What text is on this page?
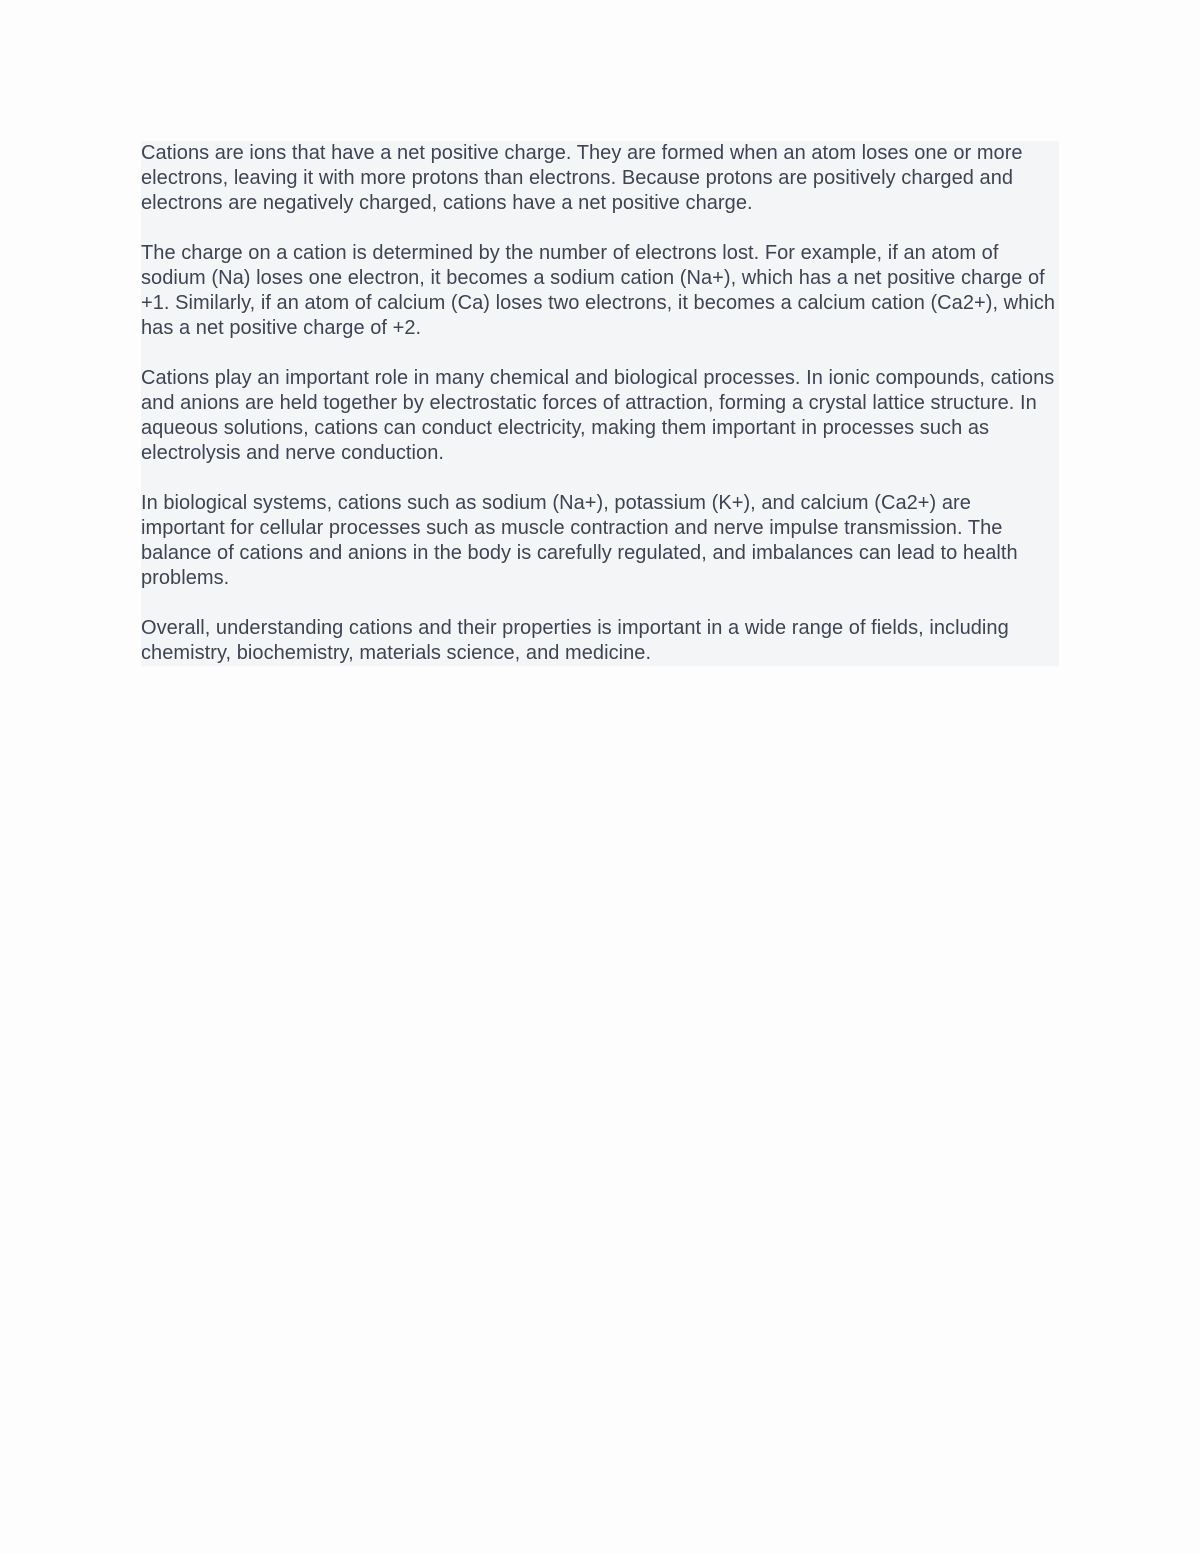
Cations are ions that have a net positive charge. They are formed when an atom loses one or more electrons, leaving it with more protons than electrons. Because protons are positively charged and electrons are negatively charged, cations have a net positive charge.

The charge on a cation is determined by the number of electrons lost. For example, if an atom of sodium (Na) loses one electron, it becomes a sodium cation (Na+), which has a net positive charge of +1. Similarly, if an atom of calcium (Ca) loses two electrons, it becomes a calcium cation (Ca2+), which has a net positive charge of +2.

Cations play an important role in many chemical and biological processes. In ionic compounds, cations and anions are held together by electrostatic forces of attraction, forming a crystal lattice structure. In aqueous solutions, cations can conduct electricity, making them important in processes such as electrolysis and nerve conduction.

In biological systems, cations such as sodium (Na+), potassium (K+), and calcium (Ca2+) are important for cellular processes such as muscle contraction and nerve impulse transmission. The balance of cations and anions in the body is carefully regulated, and imbalances can lead to health problems.

Overall, understanding cations and their properties is important in a wide range of fields, including chemistry, biochemistry, materials science, and medicine.
